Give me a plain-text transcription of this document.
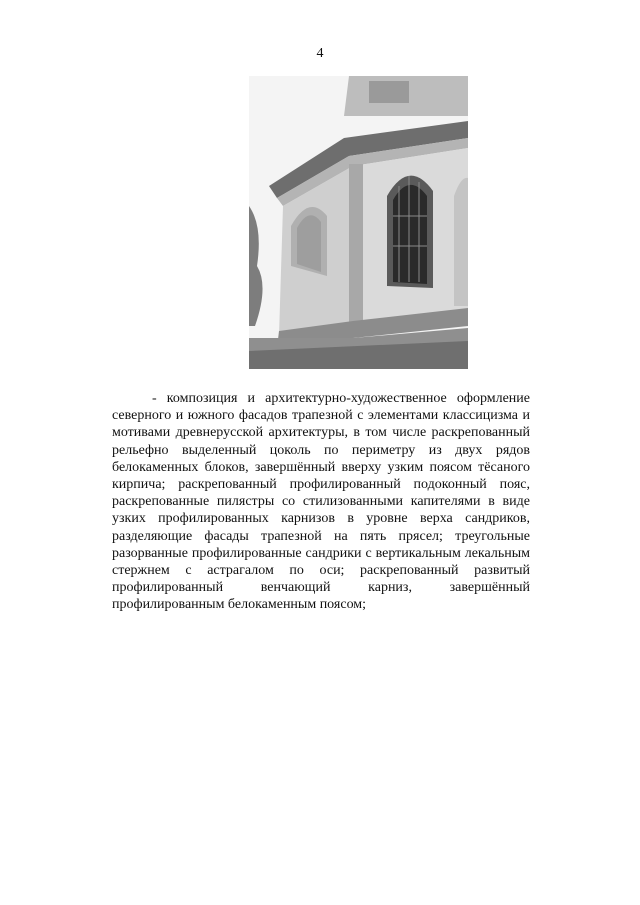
4

- композиция и архитектурно-художественное оформление северного и южного фасадов трапезной с элементами классицизма и мотивами древнерусской архитектуры, в том числе раскрепованный рельефно выделенный цоколь по периметру из двух рядов белокаменных блоков, завершённый вверху узким поясом тёсаного кирпича; раскрепованный профилированный подоконный пояс, раскрепованные пилястры со стилизованными капителями в виде узких профилированных карнизов в уровне верха сандриков, разделяющие фасады трапезной на пять прясел; треугольные разорванные профилированные сандрики с вертикальным лекальным стержнем с астрагалом по оси; раскрепованный развитый профилированный венчающий карниз, завершённый профилированным белокаменным поясом;
